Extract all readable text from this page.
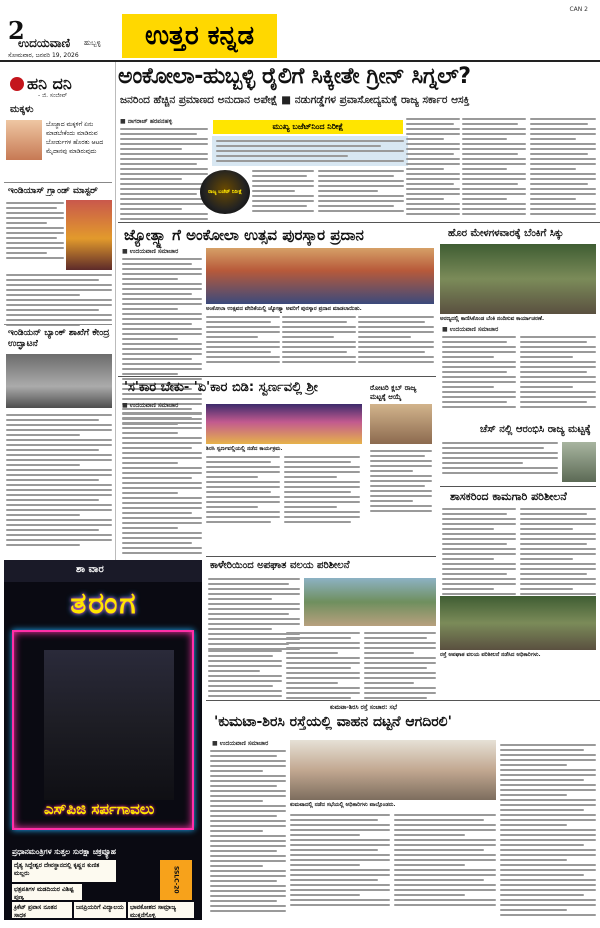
2
ಉದಯವಾಣಿ ಹುಬ್ಬಳ್ಳಿ
ಸೋಮವಾರ, ಜನವರಿ 19, 2026
ಉತ್ತರ ಕನ್ನಡ
CAN 2
ಹನಿ ದನಿ
- ಜಿ. ಸಂಜೀವ್
ಮಕ್ಕಳು
ಬೊಜ್ಜಾದ ಮಕ್ಕಳಿಗೆ ಏನು ಮಾಡಬೇಕೆಂದು ಮಾಡಿರುವ ಬೋರ್ಡುಗಳ ಹೊರತು ಆಟದ ಮೈದಾನವು ಮಾಡಿರುವುದು
ಇಂಡಿಯಾಸ್ ಗ್ರ್ಯಾಂಡ್ ಮಾಸ್ಟರ್
ಇಂಡಿಯನ್ ಬ್ಯಾಂಕ್ ಶಾಖೆಗೆ ಕೇಂದ್ರ ಉದ್ಘಾಟನೆ
ಅಂಕೋಲಾ-ಹುಬ್ಬಳ್ಳಿ ರೈಲಿಗೆ ಸಿಕ್ಕೀತೇ ಗ್ರೀನ್ ಸಿಗ್ನಲ್?
ಜನರಿಂದ ಹೆಚ್ಚಿನ ಪ್ರಮಾಣದ ಅನುದಾನ ಅಪೇಕ್ಷೆ ■ ನಡುಗಡ್ಡೆಗಳ ಪ್ರವಾಸೋದ್ಯಮಕ್ಕೆ ರಾಜ್ಯ ಸರ್ಕಾರ ಆಸಕ್ತಿ
■ ನಾಗರಾಜ್ ಹರಪನಹಳ್ಳಿ
ಮುಖ್ಯ ಬಜೆಟ್‌ನಿಂದ ನಿರೀಕ್ಷೆ
ರಾಜ್ಯ ಬಜೆಟ್ ನಿರೀಕ್ಷೆ
ಜ್ಯೋತ್ಸ್ನಾ ಗೆ ಅಂಕೋಲಾ ಉತ್ಸವ ಪುರಸ್ಕಾರ ಪ್ರದಾನ
■ ಉದಯವಾಣಿ ಸಮಾಚಾರ
ಅಂಕೋಲಾ ಉತ್ಸವದ ವೇದಿಕೆಯಲ್ಲಿ ಜ್ಯೋತ್ಸ್ನಾ ಅವರಿಗೆ ಪುರಸ್ಕಾರ ಪ್ರದಾನ ಮಾಡಲಾಯಿತು.
ಹೊರ ಮೇಳಗಳವಾರಕ್ಕೆ ಬೆಂಕಿಗೆ ಸಿಕ್ಕು
ಅರಣ್ಯದಲ್ಲಿ ಕಾಣಿಸಿಕೊಂಡ ಬೆಂಕಿ ನಂದಿಸುವ ಕಾರ್ಯಾಚರಣೆ.
■ ಉದಯವಾಣಿ ಸಮಾಚಾರ
'ಸ'ಕಾರ ಬೇಕು- 'ಏ'ಕಾರ ಬಿಡಿ: ಸ್ವರ್ಣವಲ್ಲಿ ಶ್ರೀ
■ ಉದಯವಾಣಿ ಸಮಾಚಾರ
ಶಿರಸಿ ಸ್ವರ್ಣವಲ್ಲಿಯಲ್ಲಿ ನಡೆದ ಕಾರ್ಯಕ್ರಮ.
ರೋಟರಿ ಕ್ಲಬ್ ರಾಜ್ಯ ಮಟ್ಟಕ್ಕೆ ಆಯ್ಕೆ
ಚೆಸ್ ನಲ್ಲಿ ಆರಂಭಿಸಿ ರಾಜ್ಯ ಮಟ್ಟಕ್ಕೆ
ಶಾಸಕರಿಂದ ಕಾಮಗಾರಿ ಪರಿಶೀಲನೆ
ಕಾಳೇರಿಯಿಂದ ಅಪಘಾತ ವಲಯ ಪರಿಶೀಲನೆ
ರಸ್ತೆ ಅಪಘಾತ ವಲಯ ಪರಿಶೀಲನೆ ನಡೆಸಿದ ಅಧಿಕಾರಿಗಳು.
ಕುಮಟಾ-ಶಿರಸಿ ರಸ್ತೆ ಸಂಚಾರ: ಸಭೆ
'ಕುಮಟಾ-ಶಿರಸಿ ರಸ್ತೆಯಲ್ಲಿ ವಾಹನ ದಟ್ಟನೆ ಆಗದಿರಲಿ'
■ ಉದಯವಾಣಿ ಸಮಾಚಾರ
ಕುಮಟಾದಲ್ಲಿ ನಡೆದ ಸಭೆಯಲ್ಲಿ ಅಧಿಕಾರಿಗಳು ಪಾಲ್ಗೊಂಡರು.
ಶಾ ವಾರ
ತರಂಗ
ಎಸ್‌ಪಿಜಿ ಸರ್ಪಗಾವಲು
ಪ್ರಧಾನಮಂತ್ರಿಗಳ ಸುತ್ತಲ ಸುರಕ್ಷಾ ಚಕ್ರವ್ಯೂಹ
ದೈತ್ಯ ಸಿದ್ದೇಶ್ವರ ದೇವಸ್ಥಾನದಲ್ಲಿ ಕೃಷ್ಣನ ಕುಣಿತ ಮಲ್ಲರು	SSLC-20
ಛತ್ರಪತಿಗಳ ಮಡದಿಯರ ವಿಶಿಷ್ಟ ಪುಣ್ಯ
ಕ್ರಿಕೆಟ್ ಪ್ರವಾಸ ನೂತನ ಸಾಧಕ
ಜನಪ್ರಿಯರಿಗೆ ವಿದ್ಯಾಲಯ	ಭಾವಕೋಶದ ಸಾಮ್ರಾಜ್ಯ ಮುಕ್ತನೆಗೊಳ್ಳಿ
